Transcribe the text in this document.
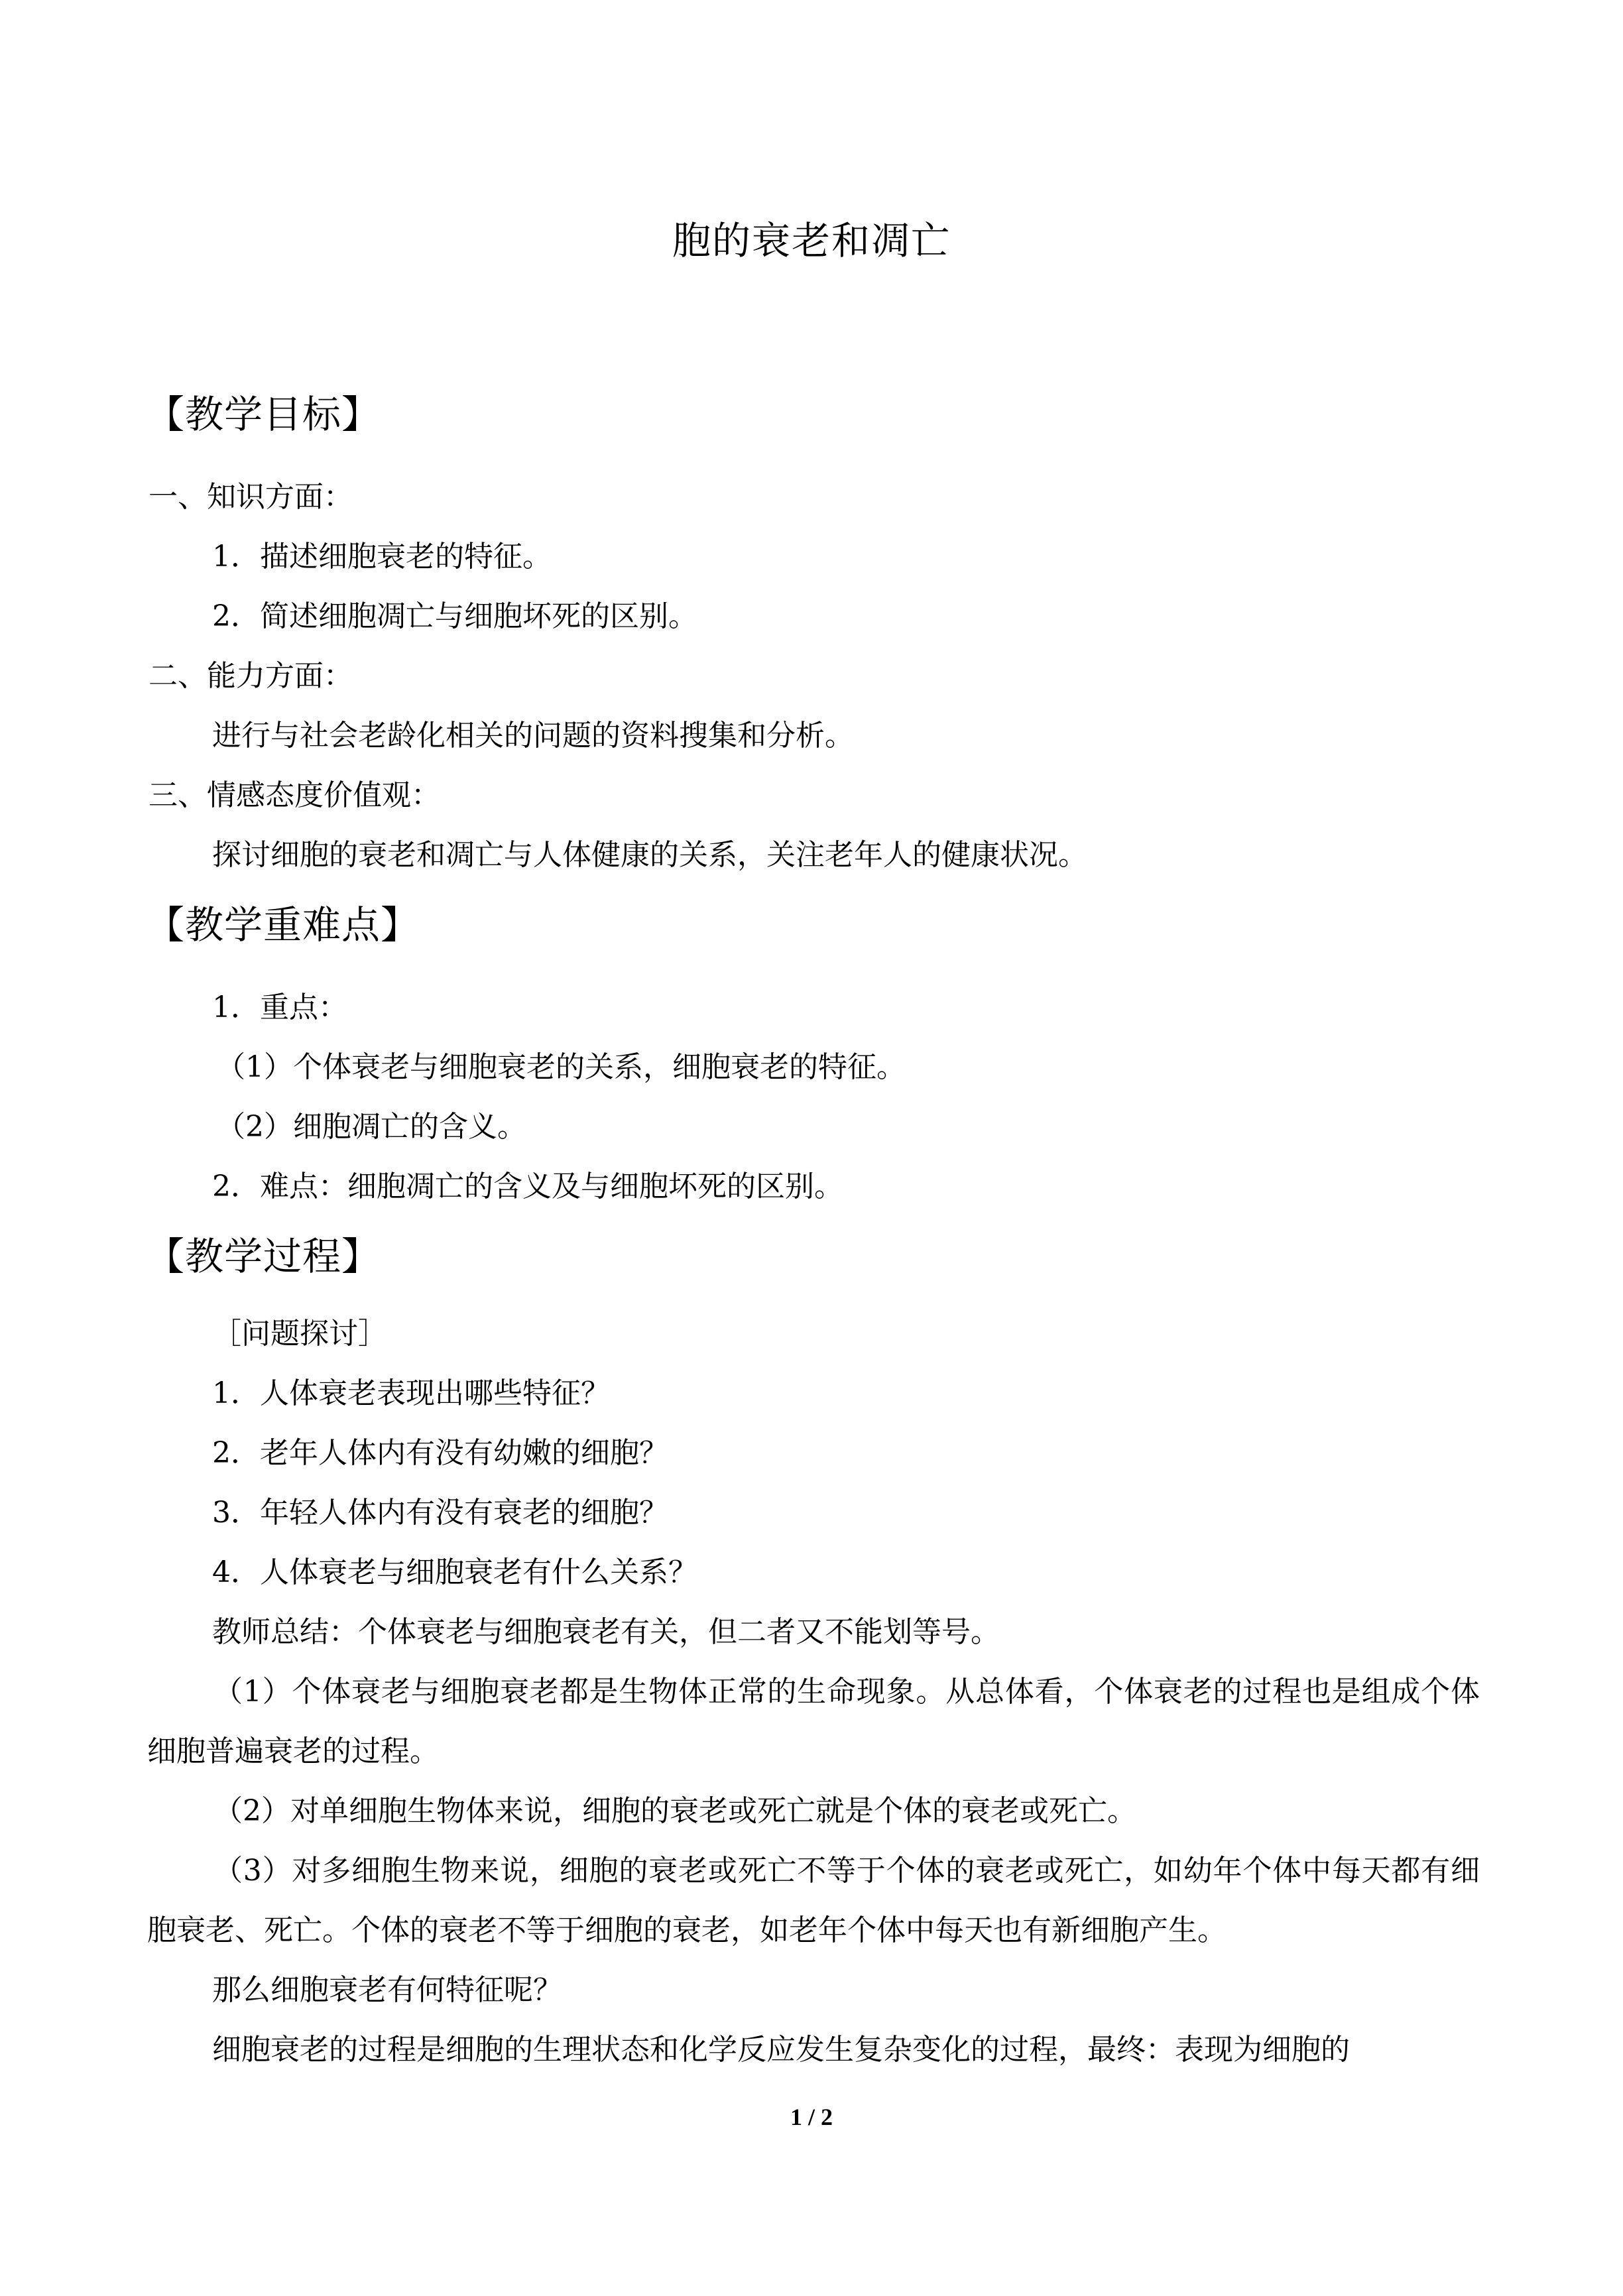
胞的衰老和凋亡
【教学目标】
一、知识方面：
1．描述细胞衰老的特征。
2．简述细胞凋亡与细胞坏死的区别。
二、能力方面：
进行与社会老龄化相关的问题的资料搜集和分析。
三、情感态度价值观：
探讨细胞的衰老和凋亡与人体健康的关系，关注老年人的健康状况。
【教学重难点】
1．重点：
（1）个体衰老与细胞衰老的关系，细胞衰老的特征。
（2）细胞凋亡的含义。
2．难点：细胞凋亡的含义及与细胞坏死的区别。
【教学过程】
［问题探讨］
1．人体衰老表现出哪些特征？
2．老年人体内有没有幼嫩的细胞？
3．年轻人体内有没有衰老的细胞？
4．人体衰老与细胞衰老有什么关系？
教师总结：个体衰老与细胞衰老有关，但二者又不能划等号。
（1）个体衰老与细胞衰老都是生物体正常的生命现象。从总体看，个体衰老的过程也是组成个体细胞普遍衰老的过程。
（2）对单细胞生物体来说，细胞的衰老或死亡就是个体的衰老或死亡。
（3）对多细胞生物来说，细胞的衰老或死亡不等于个体的衰老或死亡，如幼年个体中每天都有细胞衰老、死亡。个体的衰老不等于细胞的衰老，如老年个体中每天也有新细胞产生。
那么细胞衰老有何特征呢？
细胞衰老的过程是细胞的生理状态和化学反应发生复杂变化的过程，最终：表现为细胞的
1 / 2
